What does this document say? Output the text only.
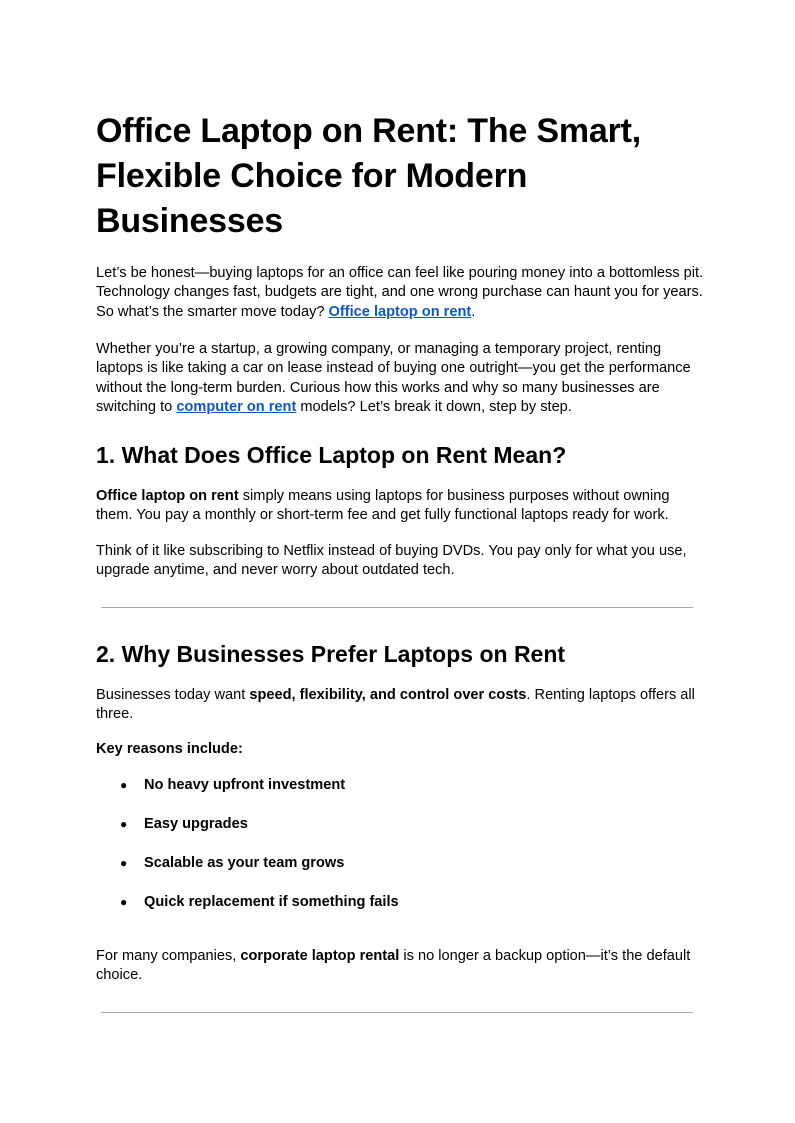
Office Laptop on Rent: The Smart, Flexible Choice for Modern Businesses

Let’s be honest—buying laptops for an office can feel like pouring money into a bottomless pit. Technology changes fast, budgets are tight, and one wrong purchase can haunt you for years. So what’s the smarter move today? Office laptop on rent.

Whether you’re a startup, a growing company, or managing a temporary project, renting laptops is like taking a car on lease instead of buying one outright—you get the performance without the long-term burden. Curious how this works and why so many businesses are switching to computer on rent models? Let’s break it down, step by step.

1. What Does Office Laptop on Rent Mean?

Office laptop on rent simply means using laptops for business purposes without owning them. You pay a monthly or short-term fee and get fully functional laptops ready for work.

Think of it like subscribing to Netflix instead of buying DVDs. You pay only for what you use, upgrade anytime, and never worry about outdated tech.

2. Why Businesses Prefer Laptops on Rent

Businesses today want speed, flexibility, and control over costs. Renting laptops offers all three.

Key reasons include:

● No heavy upfront investment
● Easy upgrades
● Scalable as your team grows
● Quick replacement if something fails

For many companies, corporate laptop rental is no longer a backup option—it’s the default choice.
